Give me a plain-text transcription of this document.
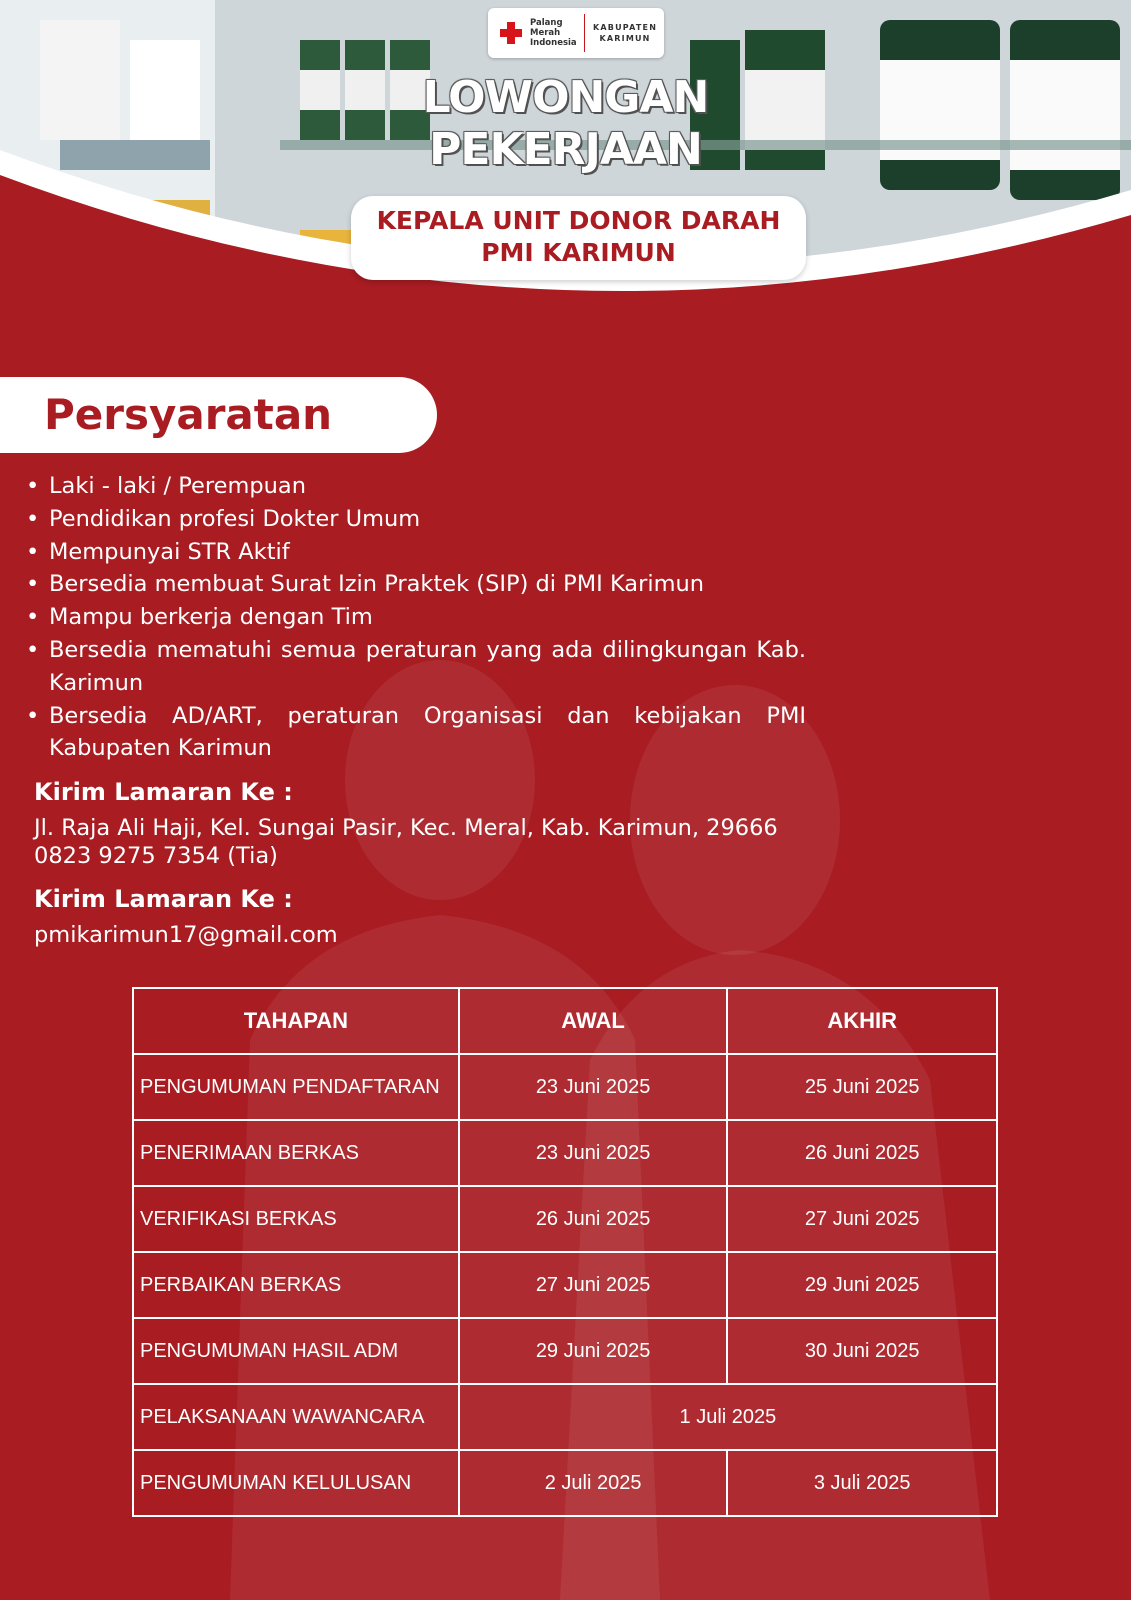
Palang
Merah
Indonesia
KABUPATEN
KARIMUN
LOWONGAN
PEKERJAAN
KEPALA UNIT DONOR DARAH
PMI KARIMUN
Persyaratan
• Laki - laki / Perempuan
• Pendidikan profesi Dokter Umum
• Mempunyai STR Aktif
• Bersedia membuat Surat Izin Praktek (SIP) di PMI Karimun
• Mampu berkerja dengan Tim
• Bersedia mematuhi semua peraturan yang ada dilingkungan Kab. Karimun
• Bersedia AD/ART, peraturan Organisasi dan kebijakan PMI Kabupaten Karimun
Kirim Lamaran Ke :
Jl. Raja Ali Haji, Kel. Sungai Pasir, Kec. Meral, Kab. Karimun, 29666
0823 9275 7354 (Tia)
Kirim Lamaran Ke :
pmikarimun17@gmail.com
TAHAPAN	AWAL	AKHIR
PENGUMUMAN PENDAFTARAN	23 Juni 2025	25 Juni 2025
PENERIMAAN BERKAS	23 Juni 2025	26 Juni 2025
VERIFIKASI BERKAS	26 Juni 2025	27 Juni 2025
PERBAIKAN BERKAS	27 Juni 2025	29 Juni 2025
PENGUMUMAN HASIL ADM	29 Juni 2025	30 Juni 2025
PELAKSANAAN WAWANCARA	1 Juli 2025	
PENGUMUMAN KELULUSAN	2 Juli 2025	3 Juli 2025
